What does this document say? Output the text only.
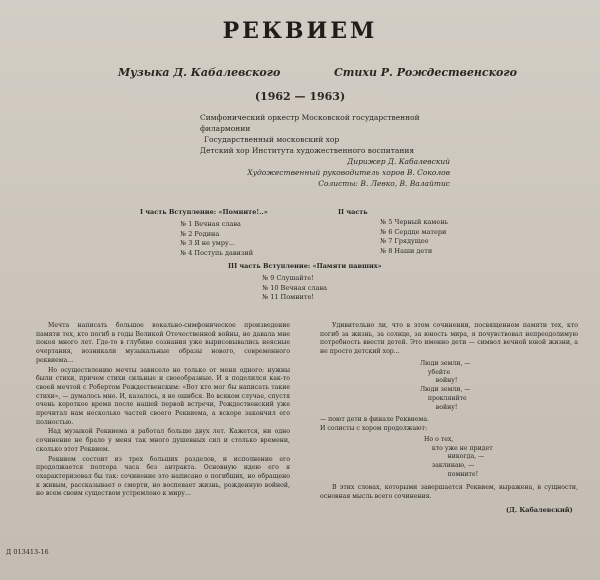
РЕКВИЕМ
Музыка Д. Кабалевского	Стихи Р. Рождественского
(1962 — 1963)
Симфонический оркестр Московской государственной филармонии
Государственный московский хор
Детский хор Института художественного воспитания
Дирижер Д. Кабалевский
Художественный руководитель хоров В. Соколов
Солисты: В. Левко, В. Валайтис
I часть Вступление: «Помните!..»
№ 1 Вечная слава
№ 2 Родина
№ 3 Я не умру...
№ 4 Поступь давизий
II часть
№ 5 Черный камень
№ 6 Сердце матери
№ 7 Грядущее
№ 8 Наши дети
III часть Вступление: «Памяти павших»
№ 9 Слушайте!
№ 10 Вечная слава
№ 11 Помните!

Мечта написать большое вокально-симфоническое произведение памяти тех, кто погиб в годы Великой Отечественной войны, не давала мне покоя много лет. Где-то в глубине сознания уже вырисовывались неясные очертания, возникали музыкальные образы нового, современного реквиема...

Но осуществлению мечты зависело не только от меня одного: нужны были стихи, причем стихи сильные и своеобразные. И я поделился как-то своей мечтой с Робертом Рождественским: «Вот кто мог бы написать такие стихи», — думалось мне. И, казалось, я не ошибся. Во всяком случае, спустя очень короткое время после нашей первой встречи, Рождественский уже прочитал нам несколько частей своего Реквиема, а вскоре закончил его полностью.

Над музыкой Реквиема я работал больше двух лет. Кажется, ни одно сочинение не брало у меня так много душевных сил и столько времени, сколько этот Реквием.

Реквием состоит из трех больших разделов, и исполнение его продолжается полтора часа без антракта. Основную идею его я охарактеризовал бы так: сочинение это написано о погибших, но обращено к живым, рассказывает о смерти, но воспевает жизнь, рожденную войной, но всем своим существом устремлено к миру...

Удивительно ли, что в этом сочинении, посвященном памяти тех, кто погиб за жизнь, за солнце, за юность мира, я почувствовал непреодолимую потребность ввести детей. Это именно дети — символ вечной юной жизни, а не просто детский хор...

Люди земли, —
убейте
войну!
Люди земли, —
проклянйте
войну!
— поют дети в финале Реквиема.
И солисты с хором продолжают:
Но о тех,
кто уже не придет
никогда, —
заклинаю, —
помните!

В этих словах, которыми завершается Реквием, выражена, в сущности, основная мысль всего сочинения.

(Д. Кабалевский)
Д 013413-16
